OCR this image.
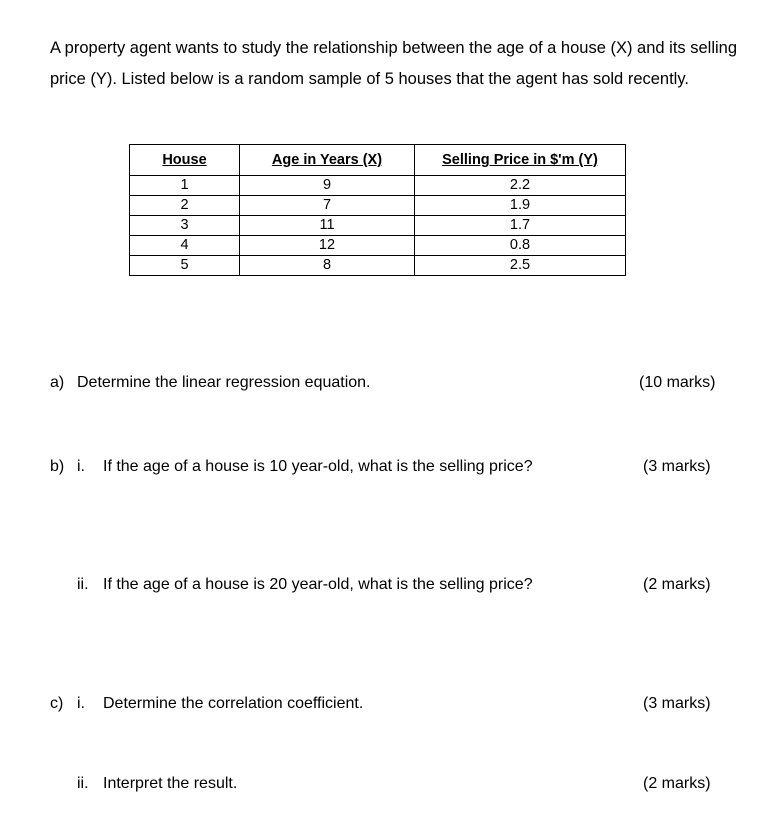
A property agent wants to study the relationship between the age of a house (X) and its selling price (Y). Listed below is a random sample of 5 houses that the agent has sold recently.
House	Age in Years (X)	Selling Price in $'m (Y)
1	9	2.2
2	7	1.9
3	11	1.7
4	12	0.8
5	8	2.5
a) Determine the linear regression equation.	(10 marks)
b) i. If the age of a house is 10 year-old, what is the selling price?	(3 marks)
ii. If the age of a house is 20 year-old, what is the selling price?	(2 marks)
c) i. Determine the correlation coefficient.	(3 marks)
ii. Interpret the result.	(2 marks)
